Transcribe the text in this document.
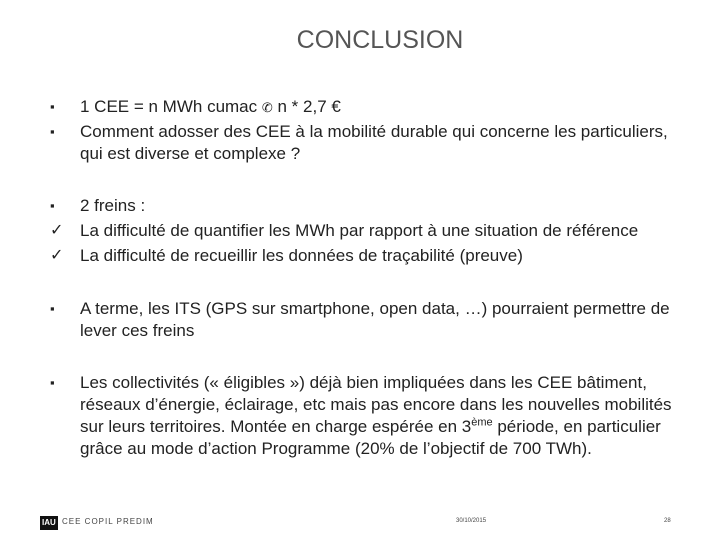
CONCLUSION
▪	1 CEE = n MWh cumac ✆ n * 2,7 €
▪	Comment adosser des CEE à la mobilité durable qui concerne les particuliers, qui est diverse et complexe ?
▪	2 freins :
✓ La difficulté de quantifier les MWh par rapport à une situation de référence
✓ La difficulté de recueillir les données de traçabilité (preuve)
▪	A terme, les ITS (GPS sur smartphone, open data, …) pourraient permettre de lever ces freins
▪	Les collectivités (« éligibles ») déjà bien impliquées dans les CEE bâtiment, réseaux d’énergie, éclairage, etc mais pas encore dans les nouvelles mobilités sur leurs territoires. Montée en charge espérée en 3ème période, en particulier grâce au mode d’action Programme (20% de l’objectif de 700 TWh).
IAU CEE COPIL PREDIM	30/10/2015	28
